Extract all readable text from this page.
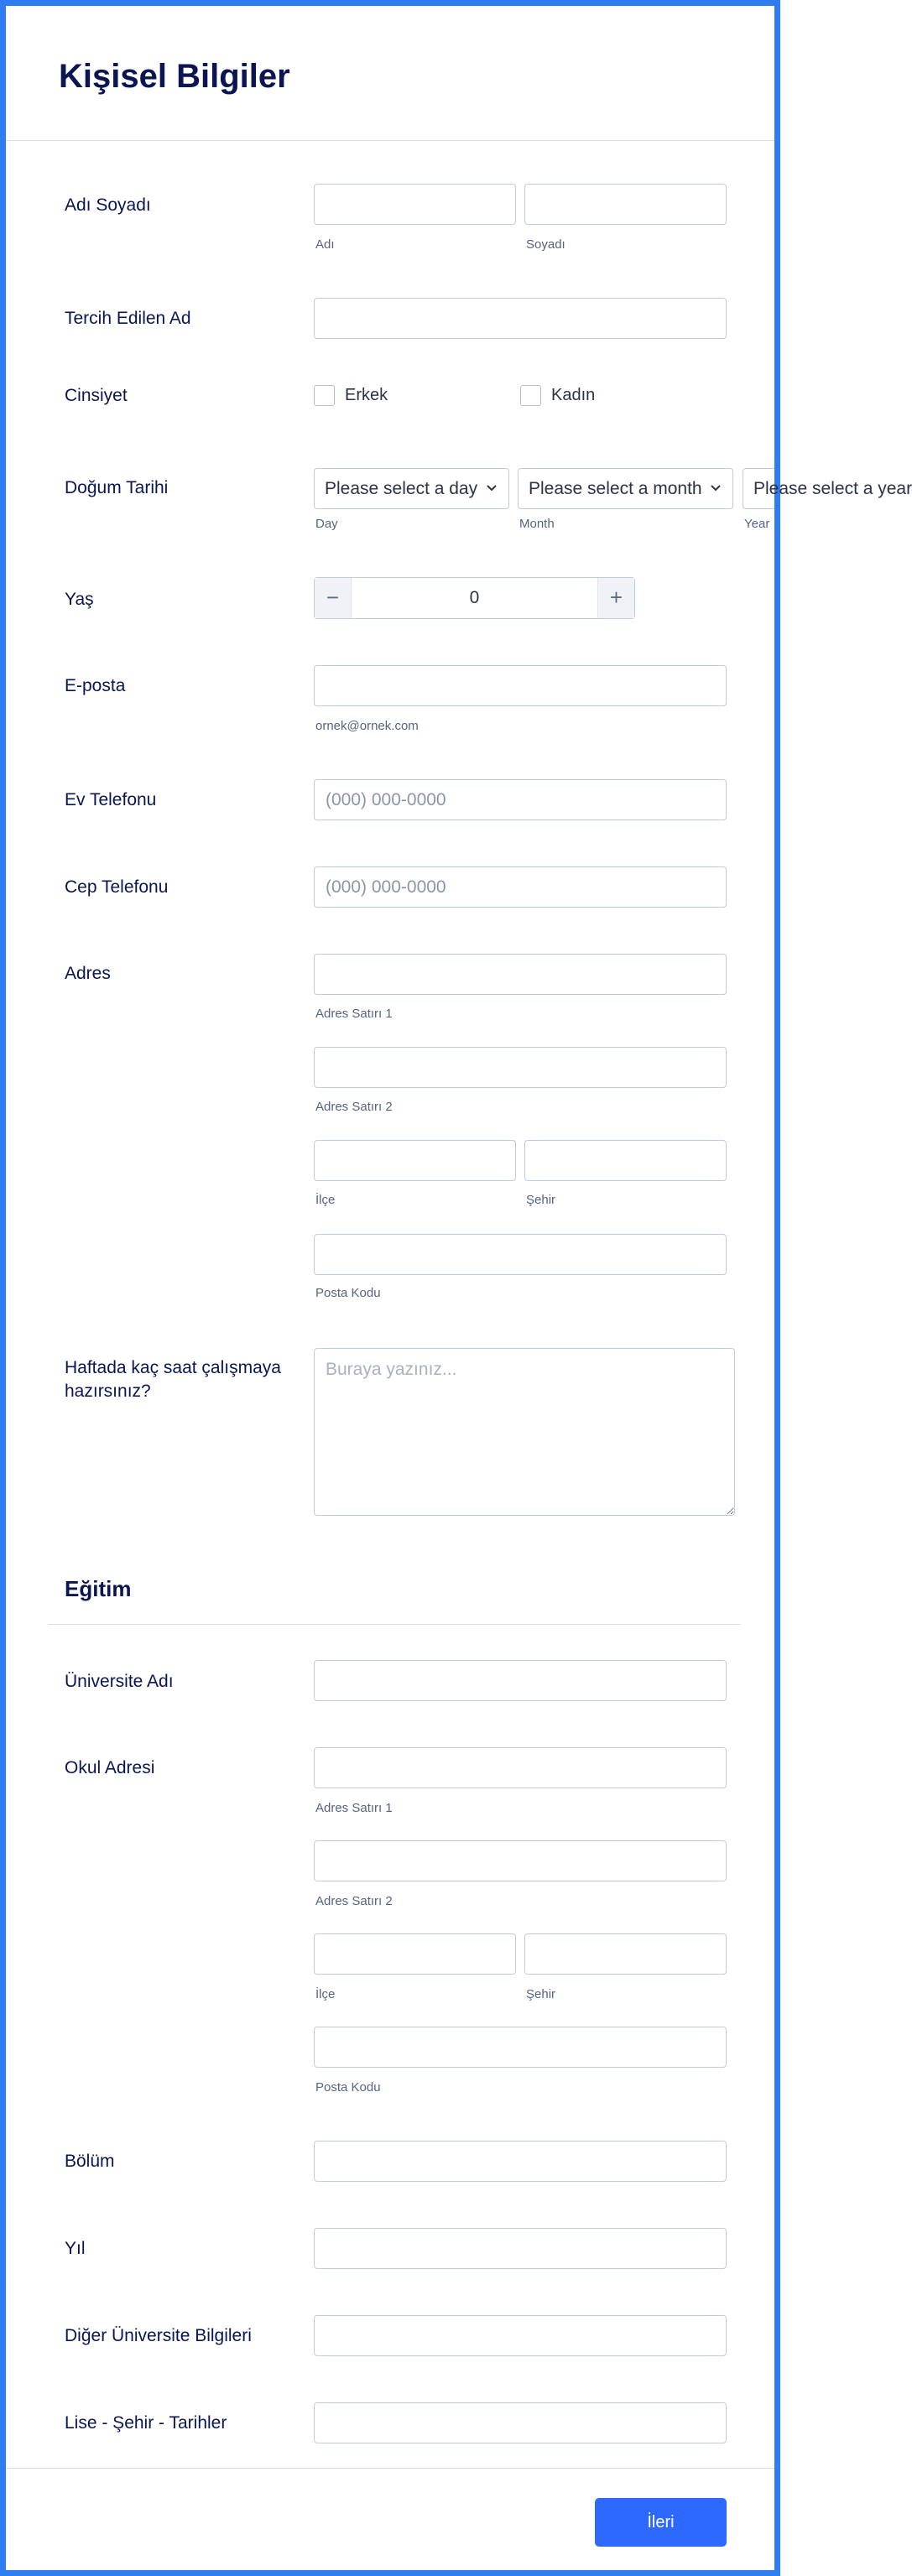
Kişisel Bilgiler
Adı Soyadı
Adı	Soyadı
Tercih Edilen Ad
Cinsiyet	Erkek	Kadın
Doğum Tarihi	Please select a day	Please select a month	Please select a year
Day	Month	Year
Yaş	−	0	+
E-posta
ornek@ornek.com
Ev Telefonu	(000) 000-0000
Cep Telefonu	(000) 000-0000
Adres
Adres Satırı 1
Adres Satırı 2
İlçe	Şehir
Posta Kodu
Haftada kaç saat çalışmaya hazırsınız?
Buraya yazınız...
Eğitim
Üniversite Adı
Okul Adresi
Adres Satırı 1
Adres Satırı 2
İlçe	Şehir
Posta Kodu
Bölüm
Yıl
Diğer Üniversite Bilgileri
Lise - Şehir - Tarihler
İleri
